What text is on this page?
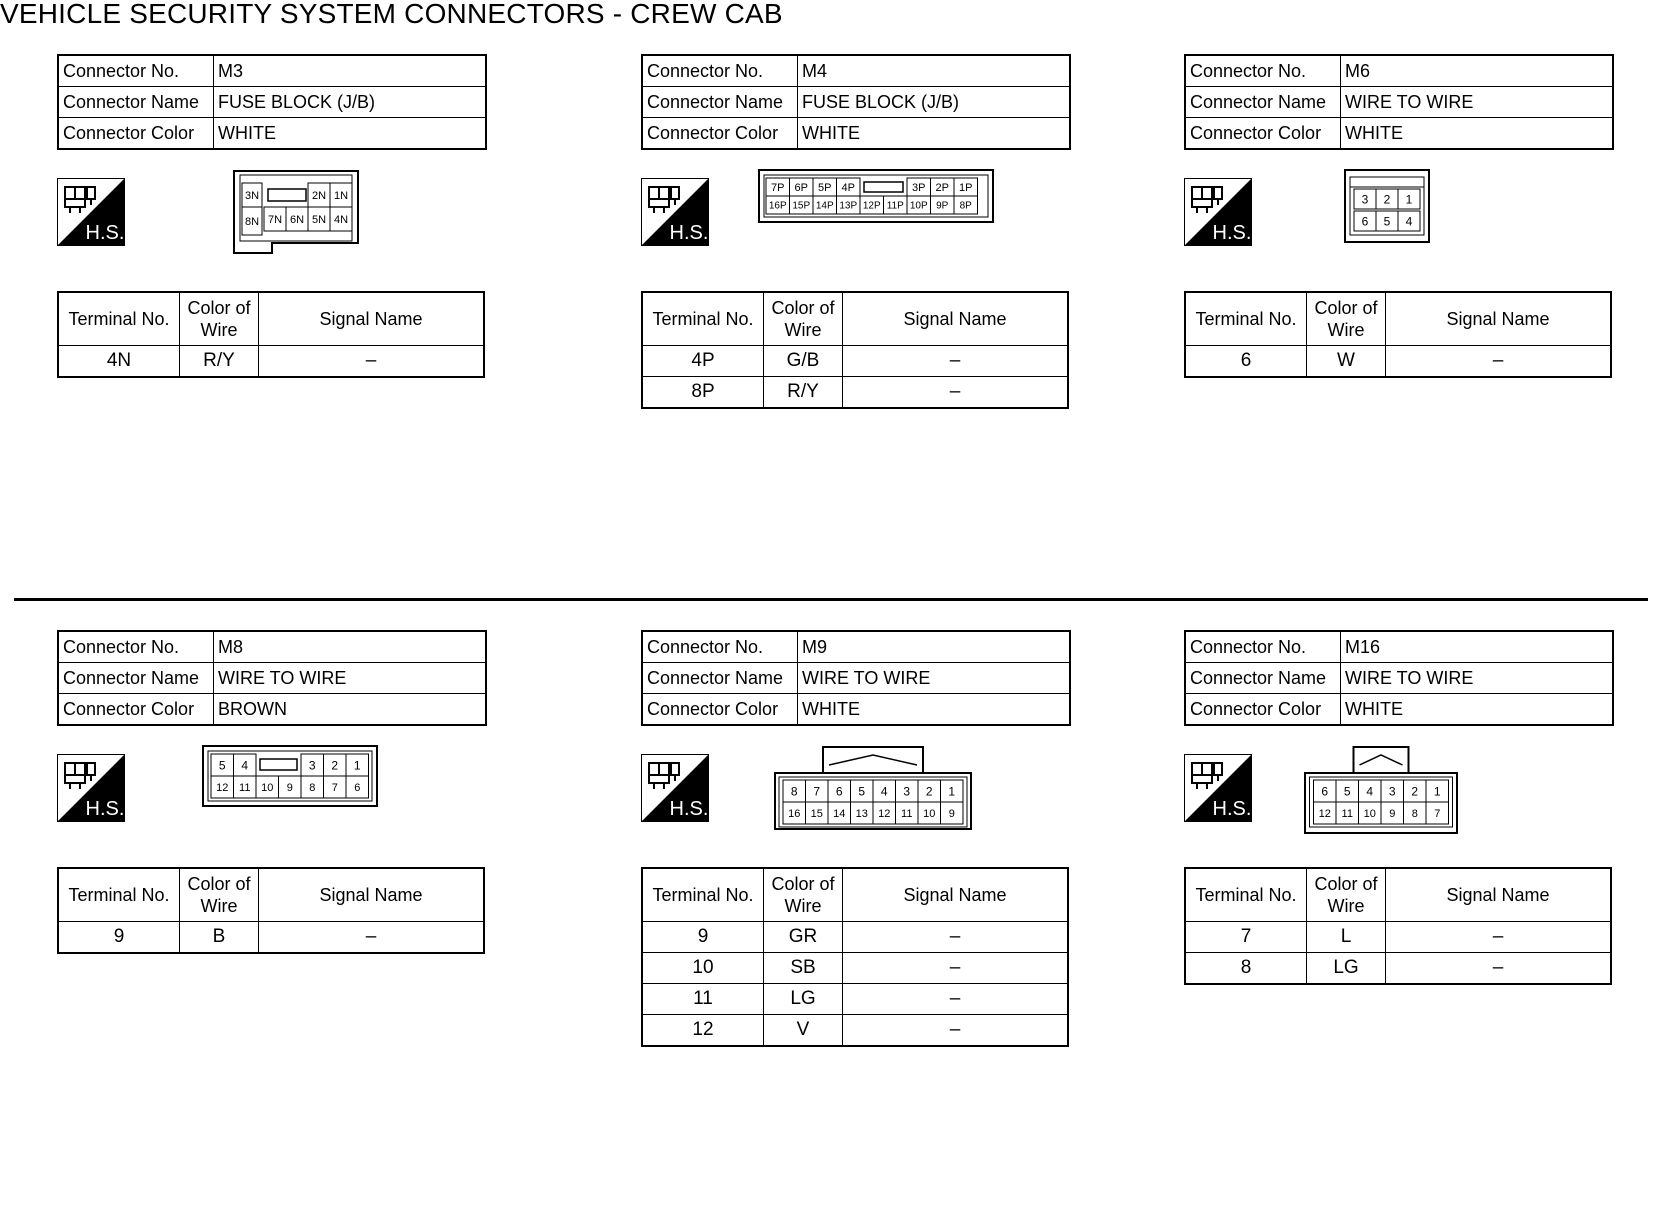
VEHICLE SECURITY SYSTEM CONNECTORS - CREW CAB
Connector No.	M3
Connector Name	FUSE BLOCK (J/B)
Connector Color	WHITE
H.S.
3N	2N 1N
8N 7N 6N 5N 4N
Terminal No.	Color of Wire	Signal Name
4N	R/Y	–
Connector No.	M4
Connector Name	FUSE BLOCK (J/B)
Connector Color	WHITE
H.S.
7P 6P 5P 4P	3P 2P 1P
16P 15P 14P 13P 12P 11P 10P 9P 8P
Terminal No.	Color of Wire	Signal Name
4P	G/B	–
8P	R/Y	–
Connector No.	M6
Connector Name	WIRE TO WIRE
Connector Color	WHITE
H.S.
3 2 1
6 5 4
Terminal No.	Color of Wire	Signal Name
6	W	–
Connector No.	M8
Connector Name	WIRE TO WIRE
Connector Color	BROWN
H.S.
5 4	3 2 1
12 11 10 9 8 7 6
Terminal No.	Color of Wire	Signal Name
9	B	–
Connector No.	M9
Connector Name	WIRE TO WIRE
Connector Color	WHITE
H.S.
8 7 6 5 4 3 2 1
16 15 14 13 12 11 10 9
Terminal No.	Color of Wire	Signal Name
9	GR	–
10	SB	–
11	LG	–
12	V	–
Connector No.	M16
Connector Name	WIRE TO WIRE
Connector Color	WHITE
H.S.
6 5 4 3 2 1
12 11 10 9 8 7
Terminal No.	Color of Wire	Signal Name
7	L	–
8	LG	–
